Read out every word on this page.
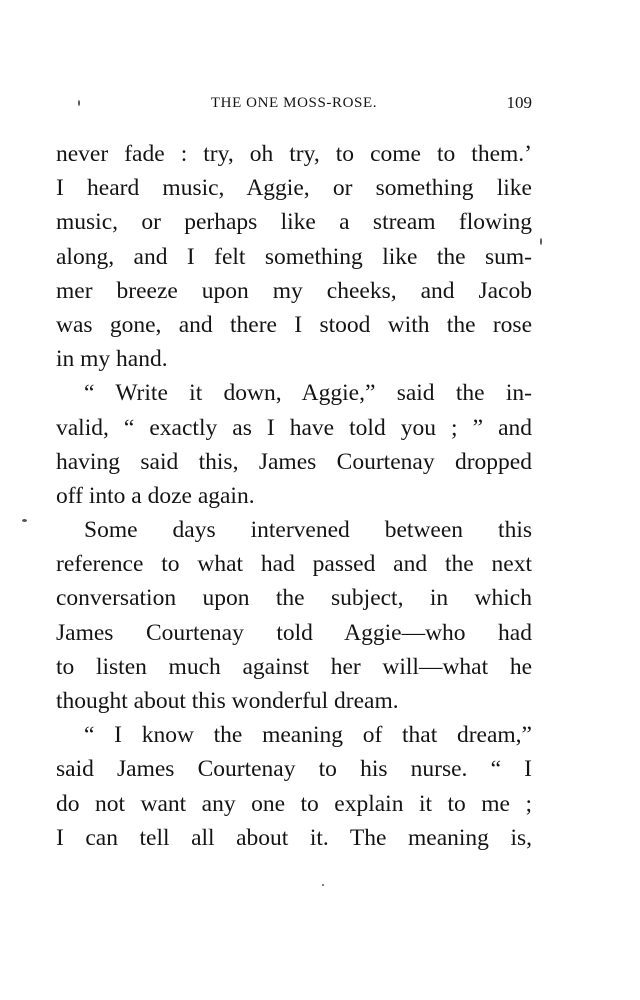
THE ONE MOSS-ROSE.	109
never fade : try, oh try, to come to them.’
I heard music, Aggie, or something like
music, or perhaps like a stream flowing
along, and I felt something like the sum-
mer breeze upon my cheeks, and Jacob
was gone, and there I stood with the rose
in my hand.
“ Write it down, Aggie,” said the in-
valid, “ exactly as I have told you ; ” and
having said this, James Courtenay dropped
off into a doze again.
Some days intervened between this
reference to what had passed and the next
conversation upon the subject, in which
James Courtenay told Aggie—who had
to listen much against her will—what he
thought about this wonderful dream.
“ I know the meaning of that dream,”
said James Courtenay to his nurse. “ I
do not want any one to explain it to me ;
I can tell all about it. The meaning is,
